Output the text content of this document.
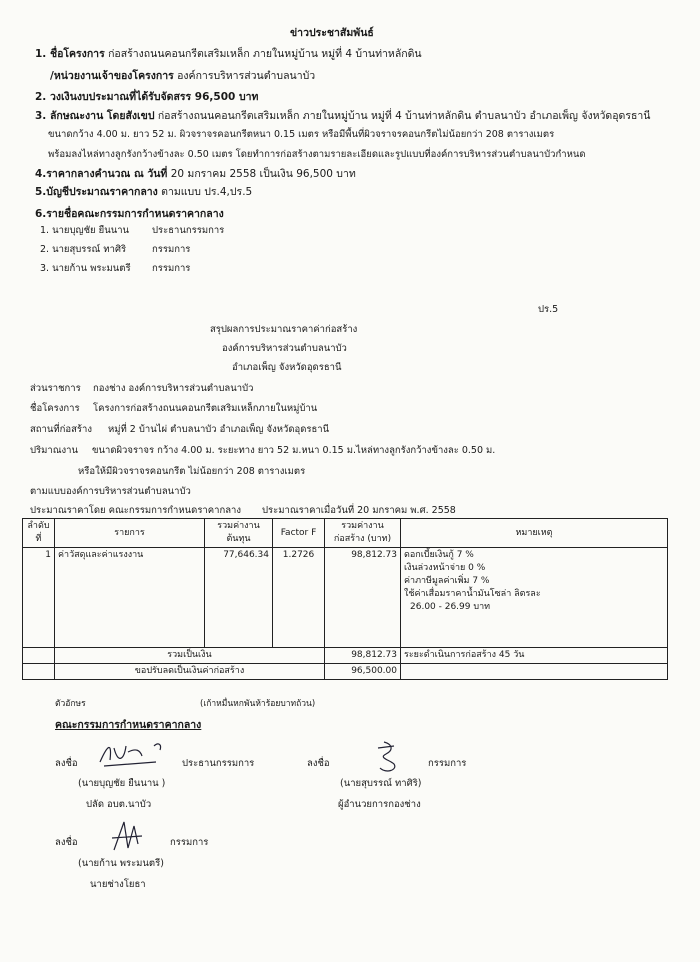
ข่าวประชาสัมพันธ์
1. ชื่อโครงการ ก่อสร้างถนนคอนกรีตเสริมเหล็ก ภายในหมู่บ้าน หมู่ที่ 4 บ้านท่าหลักดิน
/หน่วยงานเจ้าของโครงการ องค์การบริหารส่วนตำบลนาบัว
2. วงเงินงบประมาณที่ได้รับจัดสรร 96,500 บาท
3. ลักษณะงาน โดยสังเขป ก่อสร้างถนนคอนกรีตเสริมเหล็ก ภายในหมู่บ้าน หมู่ที่ 4 บ้านท่าหลักดิน ตำบลนาบัว อำเภอเพ็ญ จังหวัดอุดรธานี
ขนาดกว้าง 4.00 ม. ยาว 52 ม. ผิวจราจรคอนกรีตหนา 0.15 เมตร หรือมีพื้นที่ผิวจราจรคอนกรีตไม่น้อยกว่า 208 ตารางเมตร
พร้อมลงไหล่ทางลูกรังกว้างข้างละ 0.50 เมตร โดยทำการก่อสร้างตามรายละเอียดและรูปแบบที่องค์การบริหารส่วนตำบลนาบัวกำหนด
4.ราคากลางคำนวณ ณ วันที่ 20 มกราคม 2558 เป็นเงิน 96,500 บาท
5.บัญชีประมาณราคากลาง ตามแบบ ปร.4,ปร.5
6.รายชื่อคณะกรรมการกำหนดราคากลาง
1. นายบุญชัย ยืนนาน ประธานกรรมการ
2. นายสุบรรณ์ ทาศิริ	กรรมการ
3. นายก้าน พระมนตรี กรรมการ
ปร.5
สรุปผลการประมาณราคาค่าก่อสร้าง
องค์การบริหารส่วนตำบลนาบัว
อำเภอเพ็ญ จังหวัดอุดรธานี
ส่วนราชการ กองช่าง องค์การบริหารส่วนตำบลนาบัว
ชื่อโครงการ โครงการก่อสร้างถนนคอนกรีตเสริมเหล็กภายในหมู่บ้าน
สถานที่ก่อสร้าง หมู่ที่ 2 บ้านไผ่ ตำบลนาบัว อำเภอเพ็ญ จังหวัดอุดรธานี
ปริมาณงาน ขนาดผิวจราจร กว้าง 4.00 ม. ระยะทาง ยาว 52 ม.หนา 0.15 ม.ไหล่ทางลูกรังกว้างข้างละ 0.50 ม.
หรือให้มีผิวจราจรคอนกรีต ไม่น้อยกว่า 208 ตารางเมตร
ตามแบบองค์การบริหารส่วนตำบลนาบัว
ประมาณราคาโดย คณะกรรมการกำหนดราคากลาง ประมาณราคาเมื่อวันที่ 20 มกราคม พ.ศ. 2558
ลำดับที่	รายการ	รวมค่างาน ต้นทุน	Factor F	รวมค่างานก่อสร้าง (บาท)	หมายเหตุ
1	ค่าวัสดุและค่าแรงงาน	77,646.34	1.2726	98,812.73	ดอกเบี้ยเงินกู้ 7 %
เงินล่วงหน้าจ่าย 0 %
ค่าภาษีมูลค่าเพิ่ม 7 %
ใช้ค่าเสื่อมราคาน้ำมันโซล่า ลิตรละ
26.00 - 26.99 บาท

	รวมเป็นเงิน			98,812.73	ระยะดำเนินการก่อสร้าง 45 วัน
	ขอปรับลดเป็นเงินค่าก่อสร้าง			96,500.00	
ตัวอักษร	(เก้าหมื่นหกพันห้าร้อยบาทถ้วน)
คณะกรรมการกำหนดราคากลาง
ลงชื่อ	ประธานกรรมการ
(นายบุญชัย ยืนนาน )
ปลัด อบต.นาบัว
ลงชื่อ	กรรมการ
(นายสุบรรณ์ ทาศิริ)
ผู้อำนวยการกองช่าง
ลงชื่อ	กรรมการ
(นายก้าน พระมนตรี)
นายช่างโยธา
